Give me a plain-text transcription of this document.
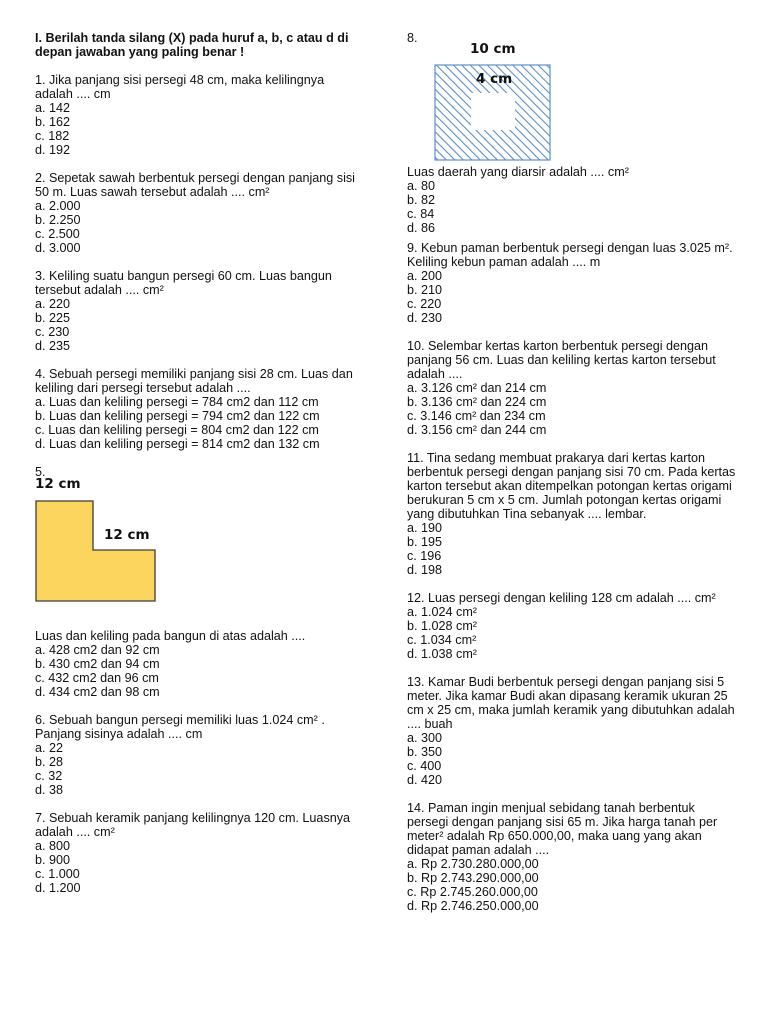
I. Berilah tanda silang (X) pada huruf a, b, c atau d di depan jawaban yang paling benar !

1. Jika panjang sisi persegi 48 cm, maka kelilingnya adalah .... cm

a. 142
b. 162
c. 182
d. 192

2. Sepetak sawah berbentuk persegi dengan panjang sisi 50 m. Luas sawah tersebut adalah .... cm²

a. 2.000
b. 2.250
c. 2.500
d. 3.000

3. Keliling suatu bangun persegi 60 cm. Luas bangun tersebut adalah .... cm²

a. 220
b. 225
c. 230
d. 235

4. Sebuah persegi memiliki panjang sisi 28 cm. Luas dan keliling dari persegi tersebut adalah ....

a. Luas dan keliling persegi = 784 cm2 dan 112 cm
b. Luas dan keliling persegi = 794 cm2 dan 122 cm
c. Luas dan keliling persegi = 804 cm2 dan 122 cm
d. Luas dan keliling persegi = 814 cm2 dan 132 cm

5.

12 cm
12 cm

Luas dan keliling pada bangun di atas adalah ....

a. 428 cm2 dan 92 cm
b. 430 cm2 dan 94 cm
c. 432 cm2 dan 96 cm
d. 434 cm2 dan 98 cm

6. Sebuah bangun persegi memiliki luas 1.024 cm² . Panjang sisinya adalah .... cm

a. 22
b. 28
c. 32
d. 38

7. Sebuah keramik panjang kelilingnya 120 cm. Luasnya adalah .... cm²

a. 800
b. 900
c. 1.000
d. 1.200

8.

10 cm
4 cm

Luas daerah yang diarsir adalah .... cm²

a. 80
b. 82
c. 84
d. 86

9. Kebun paman berbentuk persegi dengan luas 3.025 m². Keliling kebun paman adalah .... m

a. 200
b. 210
c. 220
d. 230

10. Selembar kertas karton berbentuk persegi dengan panjang 56 cm. Luas dan keliling kertas karton tersebut adalah ....

a. 3.126 cm² dan 214 cm
b. 3.136 cm² dan 224 cm
c. 3.146 cm² dan 234 cm
d. 3.156 cm² dan 244 cm

11. Tina sedang membuat prakarya dari kertas karton berbentuk persegi dengan panjang sisi 70 cm. Pada kertas karton tersebut akan ditempelkan potongan kertas origami berukuran 5 cm x 5 cm. Jumlah potongan kertas origami yang dibutuhkan Tina sebanyak .... lembar.

a. 190
b. 195
c. 196
d. 198

12. Luas persegi dengan keliling 128 cm adalah .... cm²

a. 1.024 cm²
b. 1.028 cm²
c. 1.034 cm²
d. 1.038 cm²

13. Kamar Budi berbentuk persegi dengan panjang sisi 5 meter. Jika kamar Budi akan dipasang keramik ukuran 25 cm x 25 cm, maka jumlah keramik yang dibutuhkan adalah .... buah

a. 300
b. 350
c. 400
d. 420

14. Paman ingin menjual sebidang tanah berbentuk persegi dengan panjang sisi 65 m. Jika harga tanah per meter² adalah Rp 650.000,00, maka uang yang akan didapat paman adalah ....

a. Rp 2.730.280.000,00
b. Rp 2.743.290.000,00
c. Rp 2.745.260.000,00
d. Rp 2.746.250.000,00
